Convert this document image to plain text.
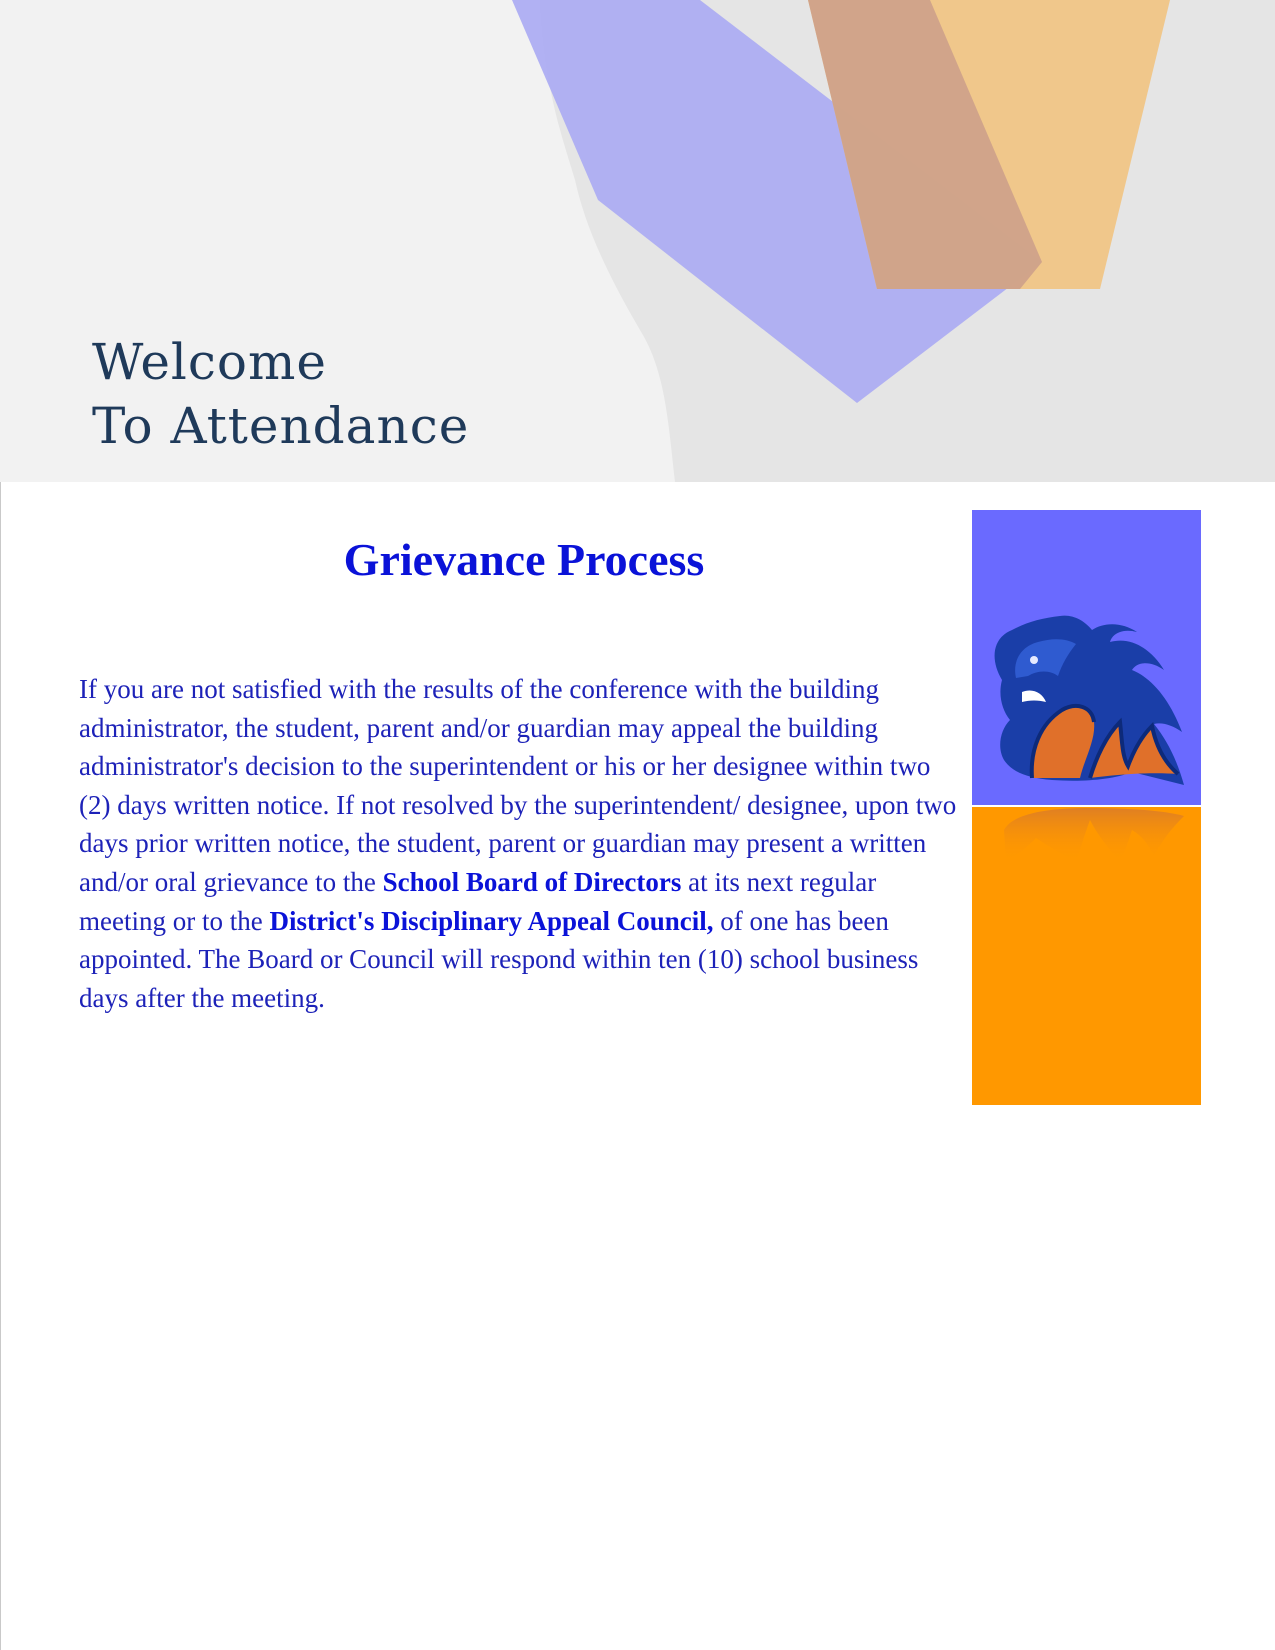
Welcome
To Attendance
Grievance Process

If you are not satisfied with the results of the conference with the building administrator, the student, parent and/or guardian may appeal the building administrator's decision to the superintendent or his or her designee within two (2) days written notice. If not resolved by the superintendent/ designee, upon two days prior written notice, the student, parent or guardian may present a written and/or oral grievance to the School Board of Directors at its next regular meeting or to the District's Disciplinary Appeal Council, of one has been appointed. The Board or Council will respond within ten (10) school business days after the meeting.
